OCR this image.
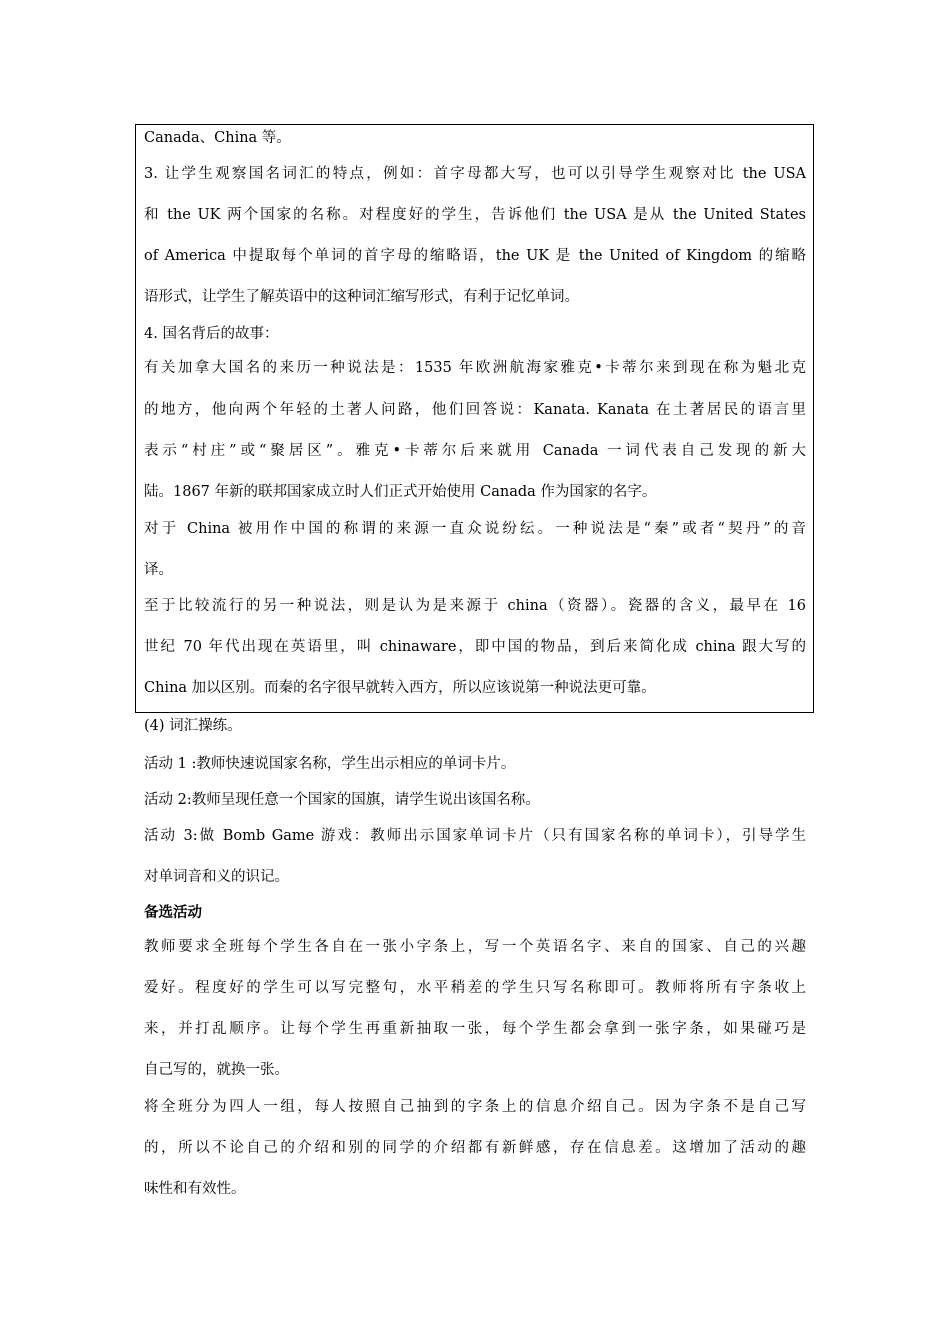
Canada、China 等。
3. 让学生观察国名词汇的特点，例如：首字母都大写，也可以引导学生观察对比 the USA
和 the UK 两个国家的名称。对程度好的学生，告诉他们 the USA 是从 the United States
of America 中提取每个单词的首字母的缩略语，the UK 是 the United of Kingdom 的缩略
语形式，让学生了解英语中的这种词汇缩写形式，有利于记忆单词。
4. 国名背后的故事：
有关加拿大国名的来历一种说法是：1535 年欧洲航海家雅克•卡蒂尔来到现在称为魁北克
的地方，他向两个年轻的土著人问路，他们回答说：Kanata. Kanata 在土著居民的语言里
表示“村庄”或“聚居区”。雅克•卡蒂尔后来就用 Canada 一词代表自己发现的新大
陆。1867 年新的联邦国家成立时人们正式开始使用 Canada 作为国家的名字。
对于 China 被用作中国的称谓的来源一直众说纷纭。一种说法是“秦”或者“契丹”的音
译。
至于比较流行的另一种说法，则是认为是来源于 china（资器）。瓷器的含义，最早在 16
世纪 70 年代出现在英语里，叫 chinaware，即中国的物品，到后来简化成 china 跟大写的
China 加以区别。而秦的名字很早就转入西方，所以应该说第一种说法更可靠。
(4) 词汇操练。
活动 1 :教师快速说国家名称，学生出示相应的单词卡片。
活动 2:教师呈现任意一个国家的国旗，请学生说出该国名称。
活动 3:做 Bomb Game 游戏：教师出示国家单词卡片（只有国家名称的单词卡），引导学生
对单词音和义的识记。
备选活动
教师要求全班每个学生各自在一张小字条上，写一个英语名字、来自的国家、自己的兴趣
爱好。程度好的学生可以写完整句，水平稍差的学生只写名称即可。教师将所有字条收上
来，并打乱顺序。让每个学生再重新抽取一张，每个学生都会拿到一张字条，如果碰巧是
自己写的，就换一张。
将全班分为四人一组，每人按照自己抽到的字条上的信息介绍自己。因为字条不是自己写
的，所以不论自己的介绍和别的同学的介绍都有新鲜感，存在信息差。这增加了活动的趣
味性和有效性。
